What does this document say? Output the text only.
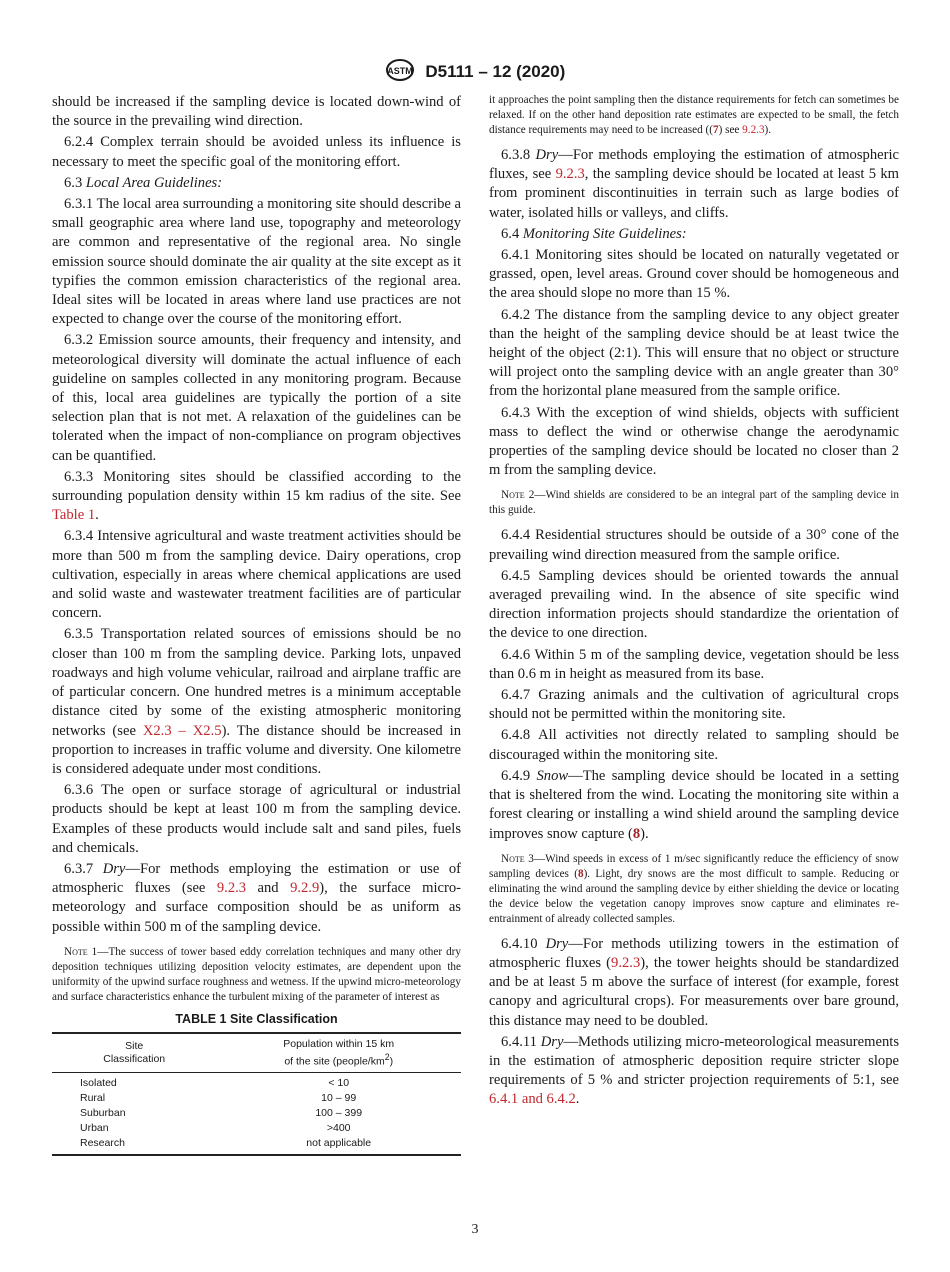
ASTM D5111 – 12 (2020)

should be increased if the sampling device is located down-wind of the source in the prevailing wind direction.

6.2.4 Complex terrain should be avoided unless its influence is necessary to meet the specific goal of the monitoring effort.

6.3 Local Area Guidelines:

6.3.1 The local area surrounding a monitoring site should describe a small geographic area where land use, topography and meteorology are common and representative of the regional area. No single emission source should dominate the air quality at the site except as it typifies the common emission characteristics of the regional area. Ideal sites will be located in areas where land use practices are not expected to change over the course of the monitoring effort.

6.3.2 Emission source amounts, their frequency and intensity, and meteorological diversity will dominate the actual influence of each guideline on samples collected in any monitoring program. Because of this, local area guidelines are typically the portion of a site selection plan that is not met. A relaxation of the guidelines can be tolerated when the impact of non-compliance on program objectives can be quantified.

6.3.3 Monitoring sites should be classified according to the surrounding population density within 15 km radius of the site. See Table 1.

6.3.4 Intensive agricultural and waste treatment activities should be more than 500 m from the sampling device. Dairy operations, crop cultivation, especially in areas where chemical applications are used and solid waste and wastewater treatment facilities are of particular concern.

6.3.5 Transportation related sources of emissions should be no closer than 100 m from the sampling device. Parking lots, unpaved roadways and high volume vehicular, railroad and airplane traffic are of particular concern. One hundred metres is a minimum acceptable distance cited by some of the existing atmospheric monitoring networks (see X2.3 – X2.5). The distance should be increased in proportion to increases in traffic volume and diversity. One kilometre is considered adequate under most conditions.

6.3.6 The open or surface storage of agricultural or industrial products should be kept at least 100 m from the sampling device. Examples of these products would include salt and sand piles, fuels and chemicals.

6.3.7 Dry—For methods employing the estimation or use of atmospheric fluxes (see 9.2.3 and 9.2.9), the surface micro-meteorology and surface composition should be as uniform as possible within 500 m of the sampling device.

Note 1—The success of tower based eddy correlation techniques and many other dry deposition techniques utilizing deposition velocity estimates, are dependent upon the uniformity of the upwind surface roughness and wetness. If the upwind micro-meteorology and surface characteristics enhance the turbulent mixing of the parameter of interest as

TABLE 1 Site Classification
Site
Classification	Population within 15 km
of the site $(people/km^2)$
Isolated	< 10
Rural	10 – 99
Suburban	100 – 399
Urban	>400
Research	not applicable

it approaches the point sampling then the distance requirements for fetch can sometimes be relaxed. If on the other hand deposition rate estimates are expected to be small, the fetch distance requirements may need to be increased ((7) see 9.2.3).

6.3.8 Dry—For methods employing the estimation of atmospheric fluxes, see 9.2.3, the sampling device should be located at least 5 km from prominent discontinuities in terrain such as large bodies of water, isolated hills or valleys, and cliffs.

6.4 Monitoring Site Guidelines:

6.4.1 Monitoring sites should be located on naturally vegetated or grassed, open, level areas. Ground cover should be homogeneous and the area should slope no more than 15 %.

6.4.2 The distance from the sampling device to any object greater than the height of the sampling device should be at least twice the height of the object (2:1). This will ensure that no object or structure will project onto the sampling device with an angle greater than 30° from the horizontal plane measured from the sample orifice.

6.4.3 With the exception of wind shields, objects with sufficient mass to deflect the wind or otherwise change the aerodynamic properties of the sampling device should be located no closer than 2 m from the sampling device.

Note 2—Wind shields are considered to be an integral part of the sampling device in this guide.

6.4.4 Residential structures should be outside of a 30° cone of the prevailing wind direction measured from the sample orifice.

6.4.5 Sampling devices should be oriented towards the annual averaged prevailing wind. In the absence of site specific wind direction information projects should standardize the orientation of the device to one direction.

6.4.6 Within 5 m of the sampling device, vegetation should be less than 0.6 m in height as measured from its base.

6.4.7 Grazing animals and the cultivation of agricultural crops should not be permitted within the monitoring site.

6.4.8 All activities not directly related to sampling should be discouraged within the monitoring site.

6.4.9 Snow—The sampling device should be located in a setting that is sheltered from the wind. Locating the monitoring site within a forest clearing or installing a wind shield around the sampling device improves snow capture (8).

Note 3—Wind speeds in excess of 1 m/sec significantly reduce the efficiency of snow sampling devices (8). Light, dry snows are the most difficult to sample. Reducing or eliminating the wind around the sampling device by either shielding the device or locating the device below the vegetation canopy improves snow capture and eliminates re-entrainment of already collected samples.

6.4.10 Dry—For methods utilizing towers in the estimation of atmospheric fluxes (9.2.3), the tower heights should be standardized and be at least 5 m above the surface of interest (for example, forest canopy and agricultural crops). For measurements over bare ground, this distance may need to be doubled.

6.4.11 Dry—Methods utilizing micro-meteorological measurements in the estimation of atmospheric deposition require stricter slope requirements of 5 % and stricter projection requirements of 5:1, see 6.4.1 and 6.4.2.

3
